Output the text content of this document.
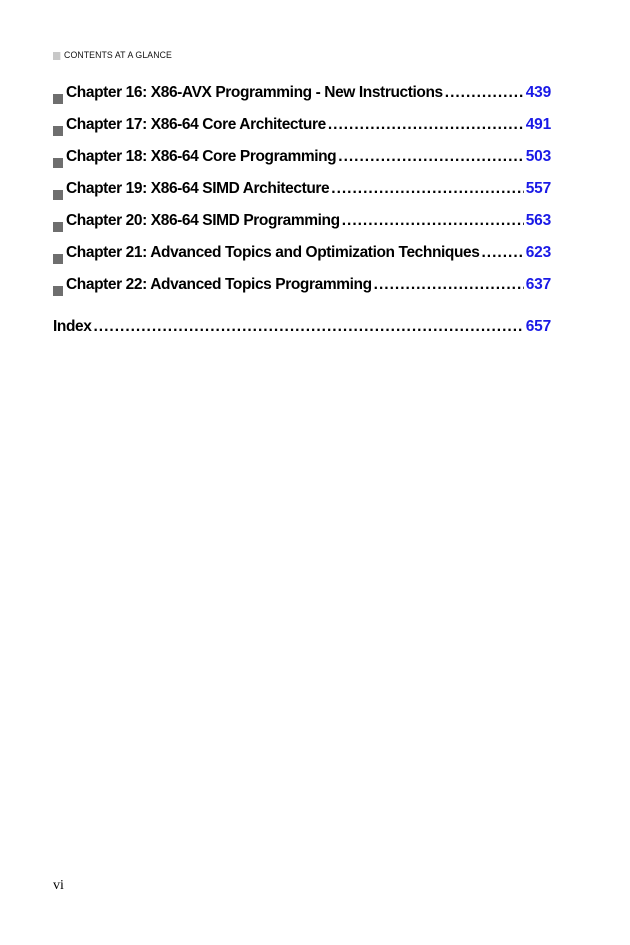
CONTENTS AT A GLANCE
Chapter 16: X86-AVX Programming - New Instructions .....	439
Chapter 17: X86-64 Core Architecture .....	491
Chapter 18: X86-64 Core Programming .....	503
Chapter 19: X86-64 SIMD Architecture .....	557
Chapter 20: X86-64 SIMD Programming .....	563
Chapter 21: Advanced Topics and Optimization Techniques .....	623
Chapter 22: Advanced Topics Programming .....	637
Index .....	657
vi
